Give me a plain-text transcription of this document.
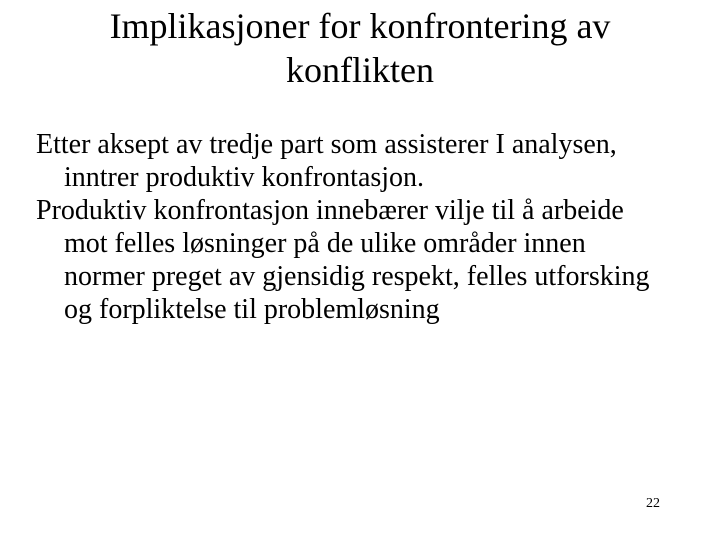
Implikasjoner for konfrontering av konflikten
Etter aksept av tredje part som assisterer I analysen, inntrer produktiv konfrontasjon.
Produktiv konfrontasjon innebærer vilje til å arbeide mot felles løsninger på de ulike områder innen normer preget av gjensidig respekt, felles utforsking og forpliktelse til problemløsning
22
